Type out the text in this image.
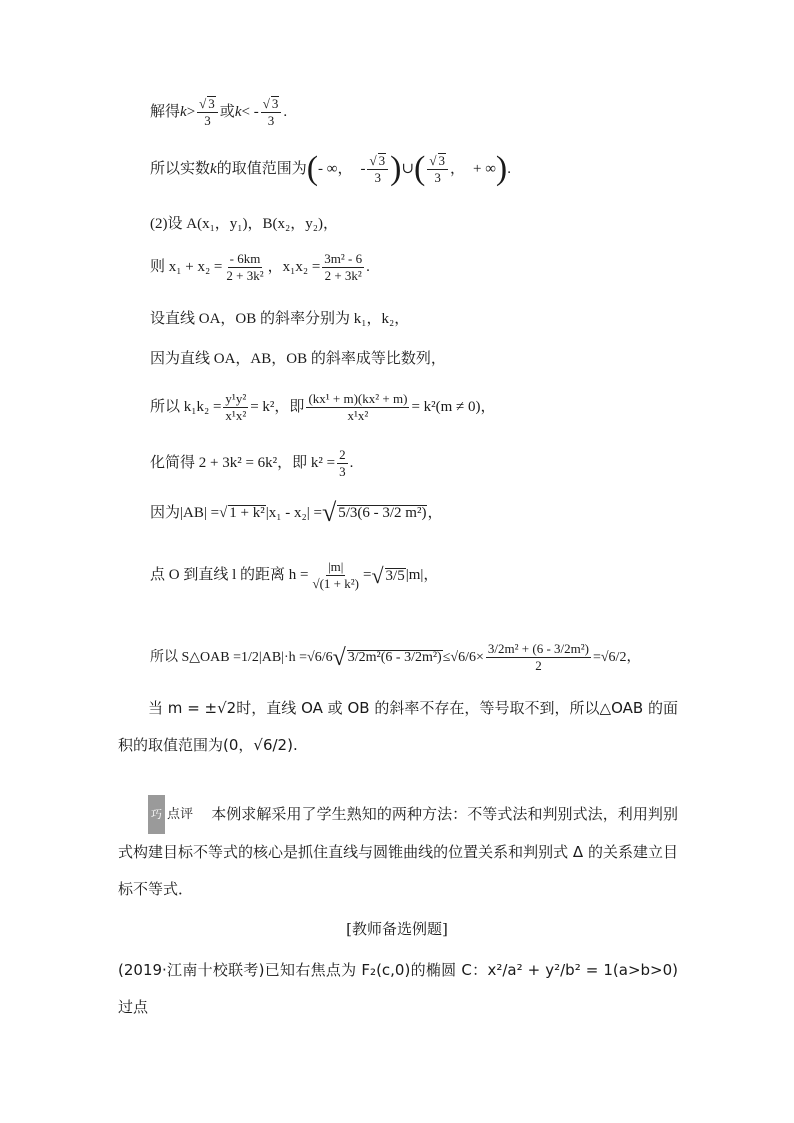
解得 k > √ $\frac{3}{3}$ 或 k < - √ $\frac{3}{3}$ .
所以实数 k 的取值范围为 ( - ∞， - √ $\frac{3}{3}$ ) ∪ ( √ $\frac{3}{3}$ ， + ∞ ) .
(2)设 A(x₁，y₁)，B(x₂，y₂)，
则 $x_1 + x_2 = \frac{- 6km}{\text{2 + 3k²}}$ ，$x_1x_2 = \frac{\text{3m² - 6}}{\text{2 + 3k²}}$ .
设直线 OA，OB 的斜率分别为 k₁，k₂，
因为直线 OA，AB，OB 的斜率成等比数列，
所以 $k_1k_2 = \frac{\text{y¹y²}}{\text{x¹x²}} = k^2$，即 $\frac{\text{(kx¹ + m)(kx² + m)}}{\text{x¹x²}} = k^2(m \ne 0)$，
化简得 2 + 3k² = 6k²，即 $k^2 = \frac{2}{3}$ .
因为|AB| = √ 1 + k² |x₁ - x₂| = √ 5/3(6 - 3/2 m²) ，
点 O 到直线 l 的距离 $h = \frac{|m|}{\text{√(1 + k²)}}$ = √ 3/5 |m|，
所以 S△OAB = 1/2 |AB|·h = √6/6 √ $3/2m^2(6 - 3/2m^2) \le √6/6 \times \frac{\text{3/2m² + (6 - 3/2m²)}}{2} = √6/2$ ，
当 m = ±√2时，直线 OA 或 OB 的斜率不存在，等号取不到，所以△OAB 的面积的取值范围为(0，√6/2).
巧 点评 本例求解采用了学生熟知的两种方法：不等式法和判别式法，利用判别式构建目标不等式的核心是抓住直线与圆锥曲线的位置关系和判别式 Δ 的关系建立目标不等式．
[教师备选例题]
(2019·江南十校联考)已知右焦点为 F₂(c,0)的椭圆 C：x²/a² + y²/b² = 1(a>b>0)过点
